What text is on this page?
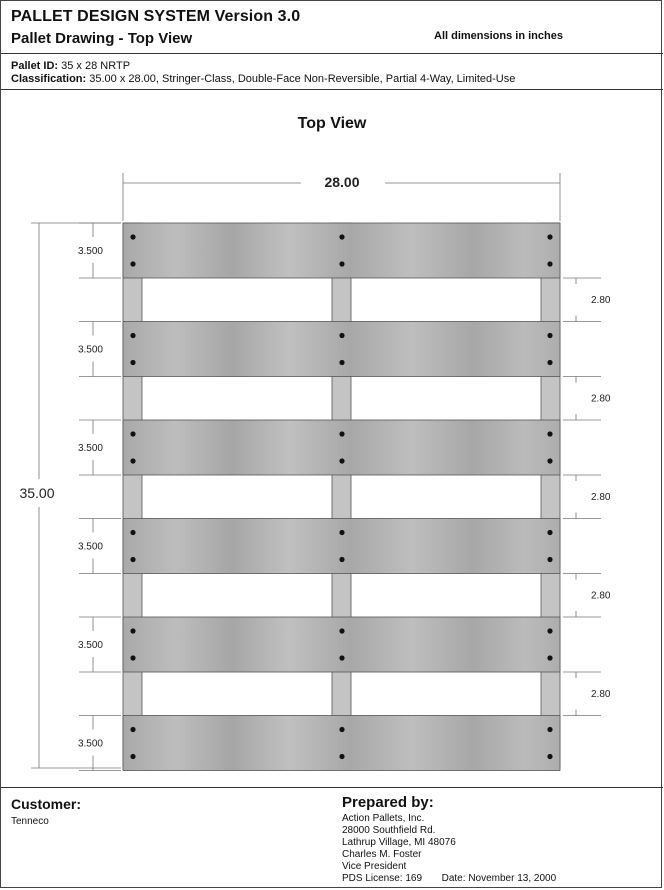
PALLET DESIGN SYSTEM Version 3.0
Pallet Drawing - Top View	All dimensions in inches
Pallet ID: 35 x 28 NRTP
Classification: 35.00 x 28.00, Stringer-Class, Double-Face Non-Reversible, Partial 4-Way, Limited-Use
Top View
28.00
35.00
3.500
3.500
3.500
3.500
3.500
3.500
2.80
2.80
2.80
2.80
2.80
Customer:
Tenneco
Prepared by:
Action Pallets, Inc.
28000 Southfield Rd.
Lathrup Village, MI 48076
Charles M. Foster
Vice President
PDS License: 169 Date: November 13, 2000
